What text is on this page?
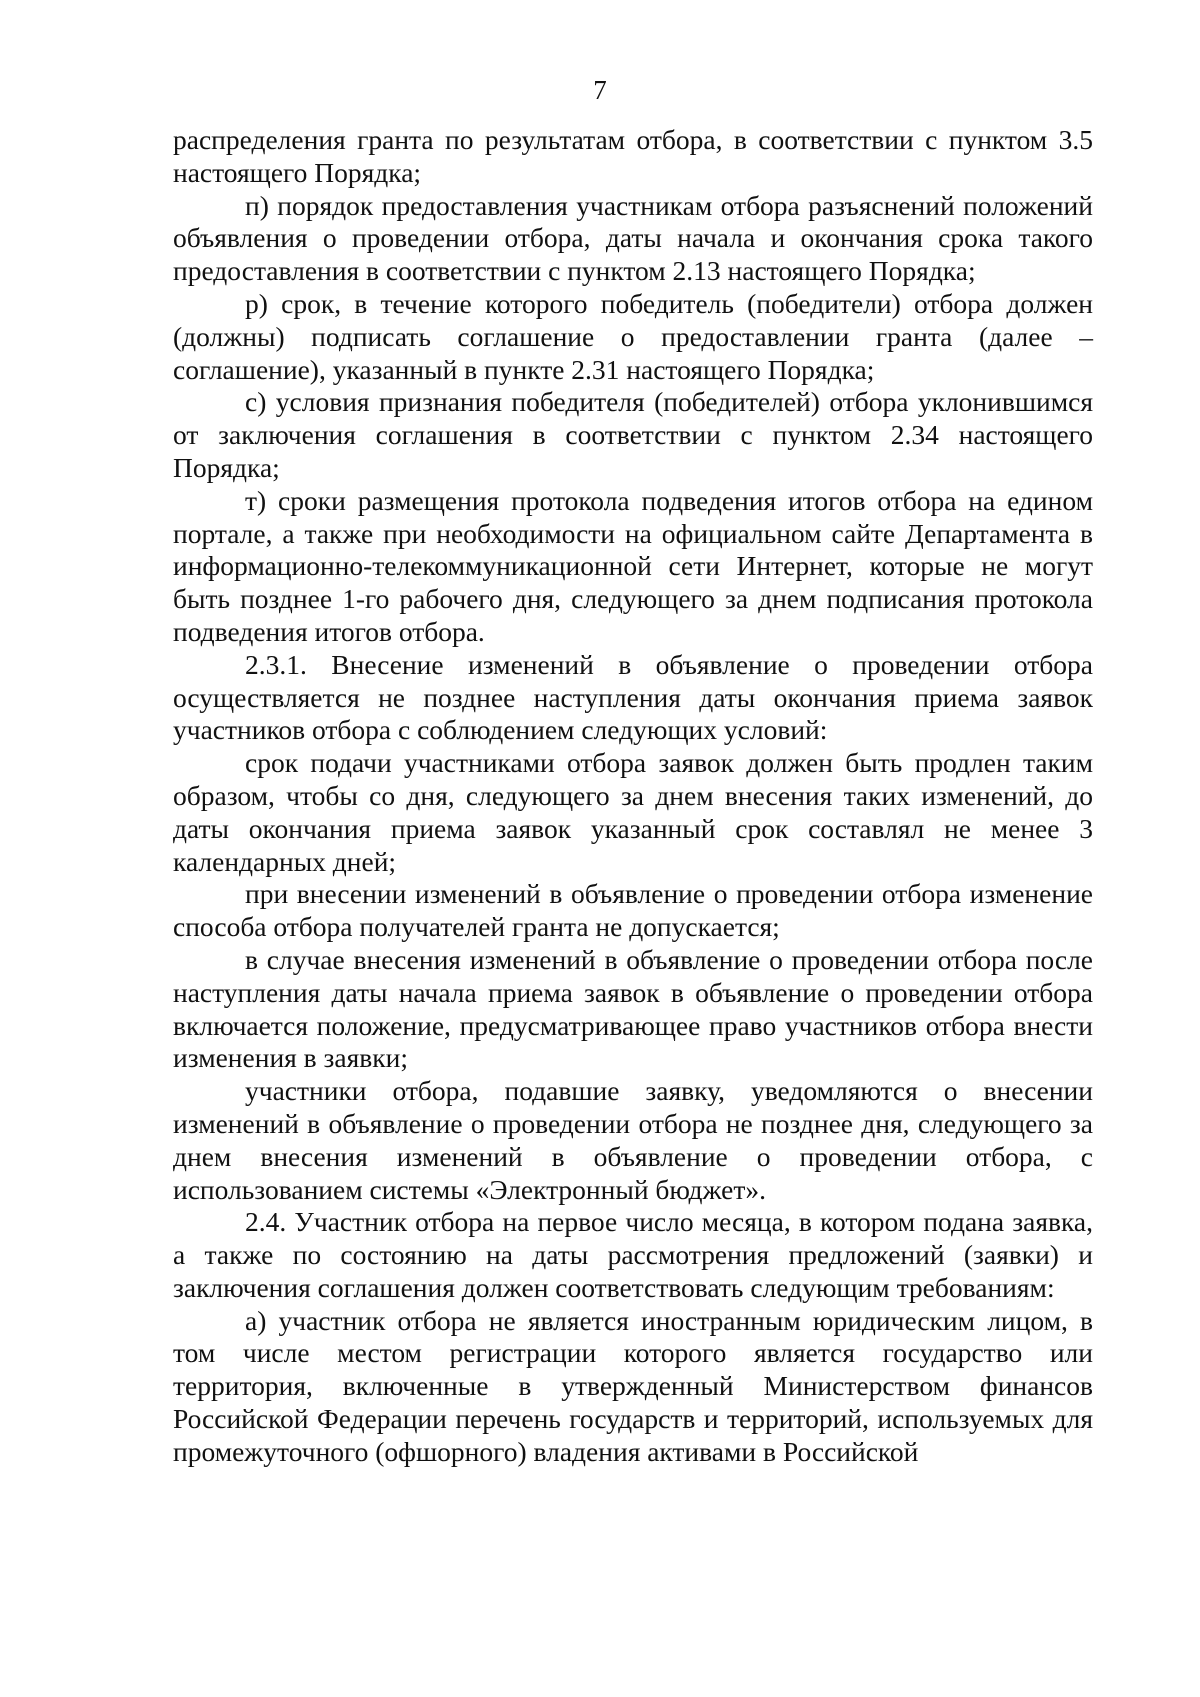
7

распределения гранта по результатам отбора, в соответствии с пунктом 3.5 настоящего Порядка;

п) порядок предоставления участникам отбора разъяснений положений объявления о проведении отбора, даты начала и окончания срока такого предоставления в соответствии с пунктом 2.13 настоящего Порядка;

р) срок, в течение которого победитель (победители) отбора должен (должны) подписать соглашение о предоставлении гранта (далее – соглашение), указанный в пункте 2.31 настоящего Порядка;

с) условия признания победителя (победителей) отбора уклонившимся от заключения соглашения в соответствии с пунктом 2.34 настоящего Порядка;

т) сроки размещения протокола подведения итогов отбора на едином портале, а также при необходимости на официальном сайте Департамента в информационно-телекоммуникационной сети Интернет, которые не могут быть позднее 1-го рабочего дня, следующего за днем подписания протокола подведения итогов отбора.

2.3.1. Внесение изменений в объявление о проведении отбора осуществляется не позднее наступления даты окончания приема заявок участников отбора с соблюдением следующих условий:

срок подачи участниками отбора заявок должен быть продлен таким образом, чтобы со дня, следующего за днем внесения таких изменений, до даты окончания приема заявок указанный срок составлял не менее 3 календарных дней;

при внесении изменений в объявление о проведении отбора изменение способа отбора получателей гранта не допускается;

в случае внесения изменений в объявление о проведении отбора после наступления даты начала приема заявок в объявление о проведении отбора включается положение, предусматривающее право участников отбора внести изменения в заявки;

участники отбора, подавшие заявку, уведомляются о внесении изменений в объявление о проведении отбора не позднее дня, следующего за днем внесения изменений в объявление о проведении отбора, с использованием системы «Электронный бюджет».

2.4. Участник отбора на первое число месяца, в котором подана заявка, а также по состоянию на даты рассмотрения предложений (заявки) и заключения соглашения должен соответствовать следующим требованиям:

а) участник отбора не является иностранным юридическим лицом, в том числе местом регистрации которого является государство или территория, включенные в утвержденный Министерством финансов Российской Федерации перечень государств и территорий, используемых для промежуточного (офшорного) владения активами в Российской
